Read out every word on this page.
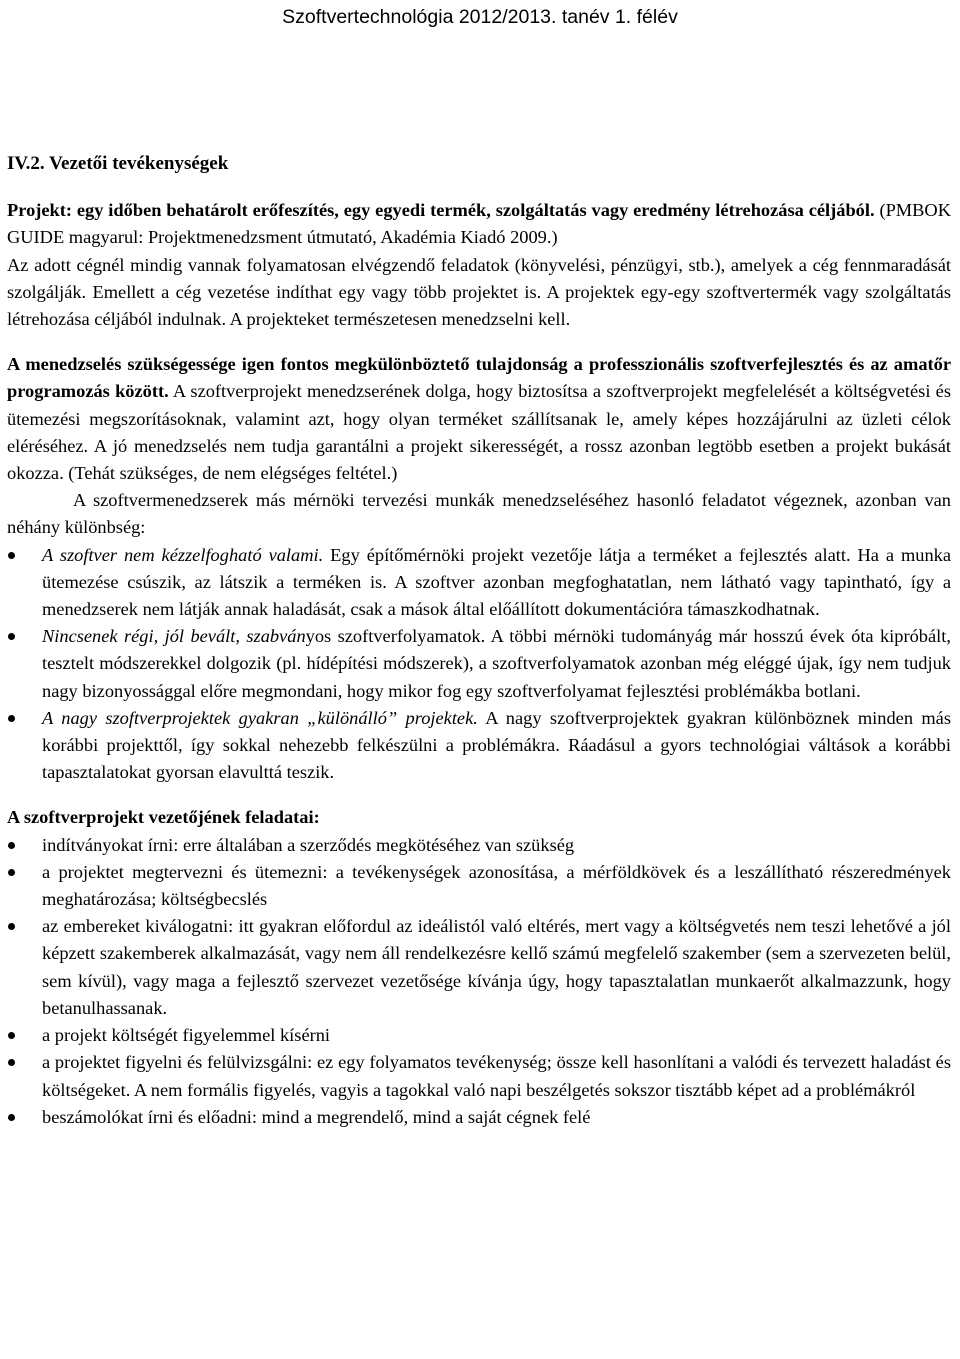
Szoftvertechnológia 2012/2013. tanév 1. félév

IV.2. Vezetői tevékenységek

Projekt: egy időben behatárolt erőfeszítés, egy egyedi termék, szolgáltatás vagy eredmény létrehozása céljából. (PMBOK GUIDE magyarul: Projektmenedzsment útmutató, Akadémia Kiadó 2009.)

Az adott cégnél mindig vannak folyamatosan elvégzendő feladatok (könyvelési, pénzügyi, stb.), amelyek a cég fennmaradását szolgálják. Emellett a cég vezetése indíthat egy vagy több projektet is. A projektek egy-egy szoftvertermék vagy szolgáltatás létrehozása céljából indulnak. A projekteket természetesen menedzselni kell.

A menedzselés szükségessége igen fontos megkülönböztető tulajdonság a professzionális szoftverfejlesztés és az amatőr programozás között. A szoftverprojekt menedzserének dolga, hogy biztosítsa a szoftverprojekt megfelelését a költségvetési és ütemezési megszorításoknak, valamint azt, hogy olyan terméket szállítsanak le, amely képes hozzájárulni az üzleti célok eléréséhez. A jó menedzselés nem tudja garantálni a projekt sikerességét, a rossz azonban legtöbb esetben a projekt bukását okozza. (Tehát szükséges, de nem elégséges feltétel.)

A szoftvermenedzserek más mérnöki tervezési munkák menedzseléséhez hasonló feladatot végeznek, azonban van néhány különbség:

A szoftver nem kézzelfogható valami. Egy építőmérnöki projekt vezetője látja a terméket a fejlesztés alatt. Ha a munka ütemezése csúszik, az látszik a terméken is. A szoftver azonban megfoghatatlan, nem látható vagy tapintható, így a menedzserek nem látják annak haladását, csak a mások által előállított dokumentációra támaszkodhatnak.
Nincsenek régi, jól bevált, szabványos szoftverfolyamatok. A többi mérnöki tudományág már hosszú évek óta kipróbált, tesztelt módszerekkel dolgozik (pl. hídépítési módszerek), a szoftverfolyamatok azonban még eléggé újak, így nem tudjuk nagy bizonyossággal előre megmondani, hogy mikor fog egy szoftverfolyamat fejlesztési problémákba botlani.
A nagy szoftverprojektek gyakran „különálló” projektek. A nagy szoftverprojektek gyakran különböznek minden más korábbi projekttől, így sokkal nehezebb felkészülni a problémákra. Ráadásul a gyors technológiai váltások a korábbi tapasztalatokat gyorsan elavulttá teszik.

A szoftverprojekt vezetőjének feladatai:

indítványokat írni: erre általában a szerződés megkötéséhez van szükség
a projektet megtervezni és ütemezni: a tevékenységek azonosítása, a mérföldkövek és a leszállítható részeredmények meghatározása; költségbecslés
az embereket kiválogatni: itt gyakran előfordul az ideálistól való eltérés, mert vagy a költségvetés nem teszi lehetővé a jól képzett szakemberek alkalmazását, vagy nem áll rendelkezésre kellő számú megfelelő szakember (sem a szervezeten belül, sem kívül), vagy maga a fejlesztő szervezet vezetősége kívánja úgy, hogy tapasztalatlan munkaerőt alkalmazzunk, hogy betanulhassanak.
a projekt költségét figyelemmel kísérni
a projektet figyelni és felülvizsgálni: ez egy folyamatos tevékenység; össze kell hasonlítani a valódi és tervezett haladást és költségeket. A nem formális figyelés, vagyis a tagokkal való napi beszélgetés sokszor tisztább képet ad a problémákról
beszámolókat írni és előadni: mind a megrendelő, mind a saját cégnek felé
